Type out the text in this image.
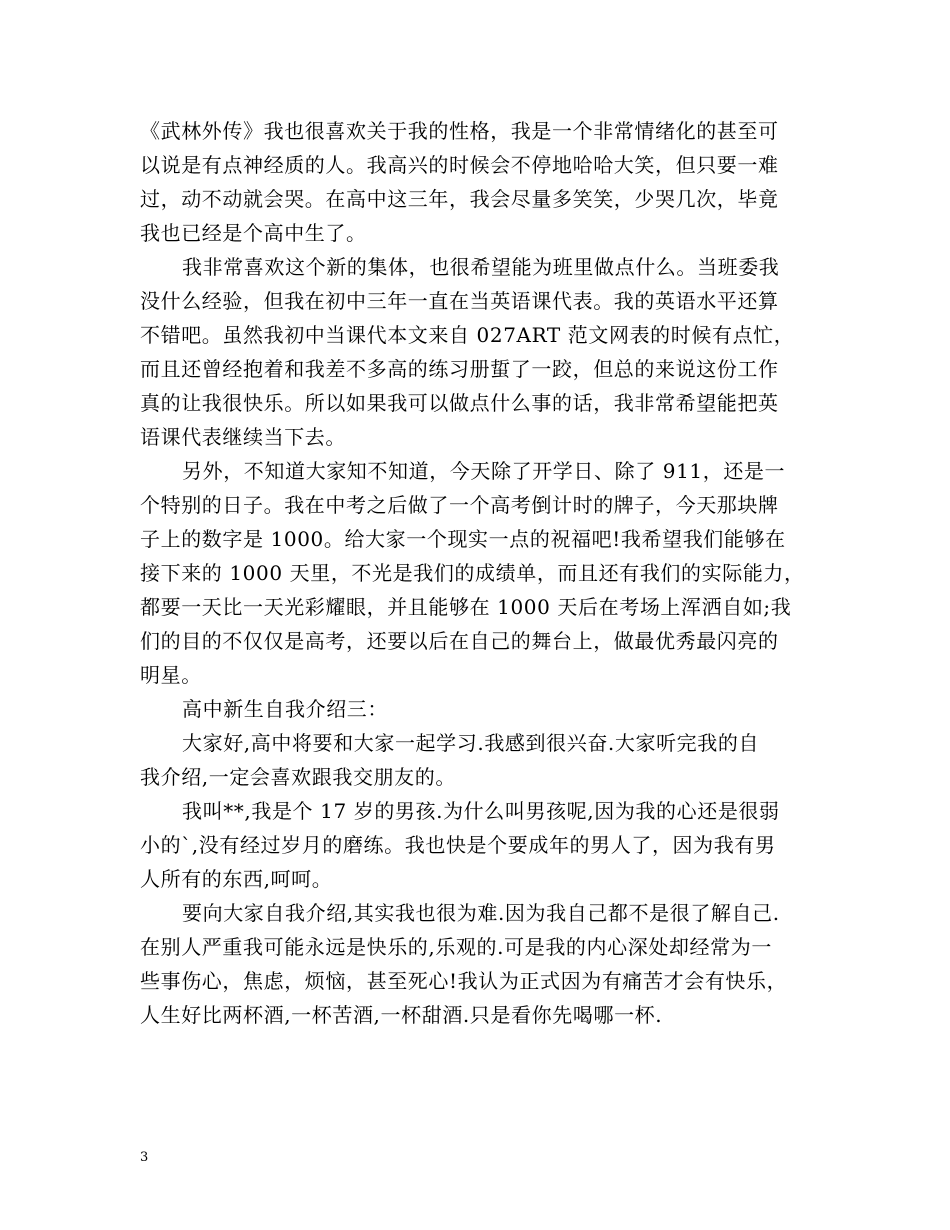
《武林外传》我也很喜欢关于我的性格，我是一个非常情绪化的甚至可
以说是有点神经质的人。我高兴的时候会不停地哈哈大笑，但只要一难
过，动不动就会哭。在高中这三年，我会尽量多笑笑，少哭几次，毕竟
我也已经是个高中生了。

我非常喜欢这个新的集体，也很希望能为班里做点什么。当班委我
没什么经验，但我在初中三年一直在当英语课代表。我的英语水平还算
不错吧。虽然我初中当课代本文来自 027ART 范文网表的时候有点忙，
而且还曾经抱着和我差不多高的练习册蜇了一跤，但总的来说这份工作
真的让我很快乐。所以如果我可以做点什么事的话，我非常希望能把英
语课代表继续当下去。

另外，不知道大家知不知道，今天除了开学日、除了 911，还是一
个特别的日子。我在中考之后做了一个高考倒计时的牌子，今天那块牌
子上的数字是 1000。给大家一个现实一点的祝福吧!我希望我们能够在
接下来的 1000 天里，不光是我们的成绩单，而且还有我们的实际能力，
都要一天比一天光彩耀眼，并且能够在 1000 天后在考场上浑洒自如;我
们的目的不仅仅是高考，还要以后在自己的舞台上，做最优秀最闪亮的
明星。

高中新生自我介绍三：

大家好,高中将要和大家一起学习.我感到很兴奋.大家听完我的自
我介绍,一定会喜欢跟我交朋友的。

我叫**,我是个 17 岁的男孩.为什么叫男孩呢,因为我的心还是很弱
小的`,没有经过岁月的磨练。我也快是个要成年的男人了，因为我有男
人所有的东西,呵呵。

要向大家自我介绍,其实我也很为难.因为我自己都不是很了解自己.
在别人严重我可能永远是快乐的,乐观的.可是我的内心深处却经常为一
些事伤心，焦虑，烦恼，甚至死心!我认为正式因为有痛苦才会有快乐，
人生好比两杯酒,一杯苦酒,一杯甜酒.只是看你先喝哪一杯.

3
